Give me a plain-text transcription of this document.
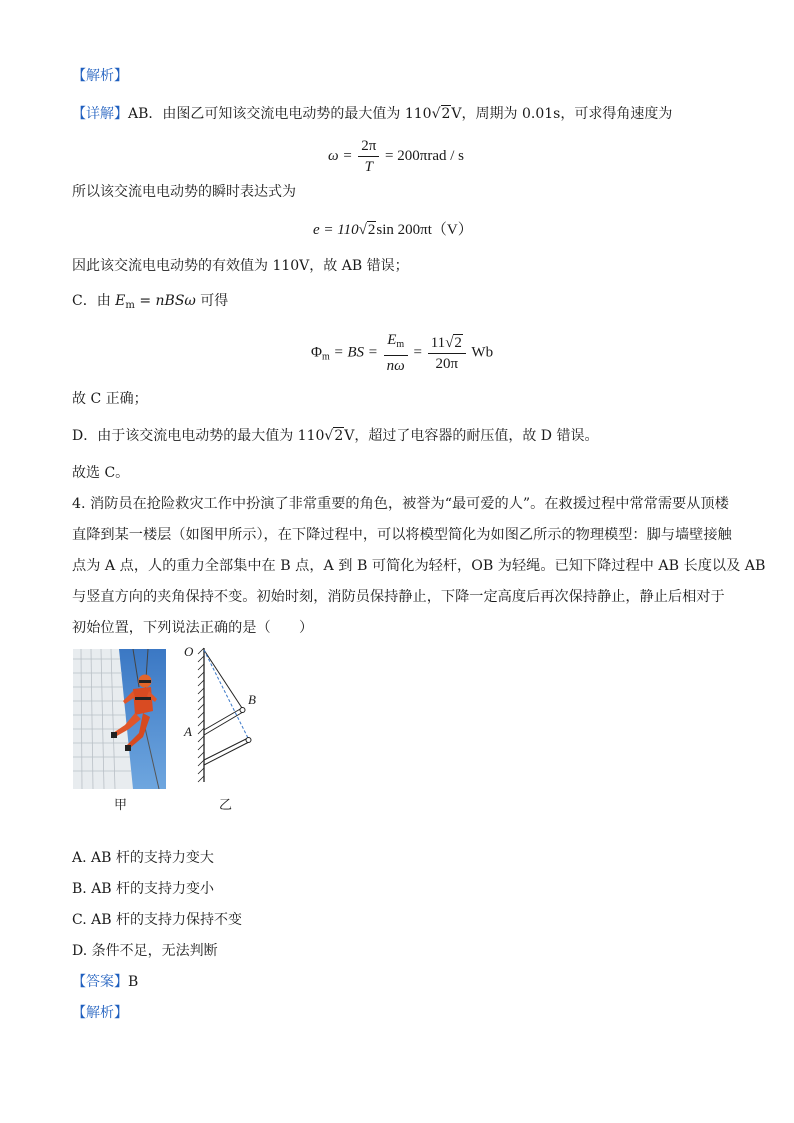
【解析】
【详解】AB．由图乙可知该交流电电动势的最大值为 110√2V，周期为 0.01s，可求得角速度为
$\omega = \frac{2\pi}{T} = 200\pi rad / s$
所以该交流电电动势的瞬时表达式为
e = 110√2sin 200πt（V）
因此该交流电电动势的有效值为 110V，故 AB 错误；
C．由 $E_m = nBS\omega$ 可得
$\Phi_m$ = BS = $\frac{E_m}{n\omega} = \frac{11√2}{20\pi}$ Wb
故 C 正确；
D．由于该交流电电动势的最大值为 110√2V，超过了电容器的耐压值，故 D 错误。
故选 C。
4. 消防员在抢险救灾工作中扮演了非常重要的角色，被誉为“最可爱的人”。在救援过程中常常需要从顶楼
直降到某一楼层（如图甲所示），在下降过程中，可以将模型简化为如图乙所示的物理模型：脚与墙壁接触
点为 A 点，人的重力全部集中在 B 点，A 到 B 可简化为轻杆，OB 为轻绳。已知下降过程中 AB 长度以及 AB
与竖直方向的夹角保持不变。初始时刻，消防员保持静止，下降一定高度后再次保持静止，静止后相对于
初始位置，下列说法正确的是（　　）
O
A
B
甲	乙
A. AB 杆的支持力变大
B. AB 杆的支持力变小
C. AB 杆的支持力保持不变
D. 条件不足，无法判断
【答案】B
【解析】
